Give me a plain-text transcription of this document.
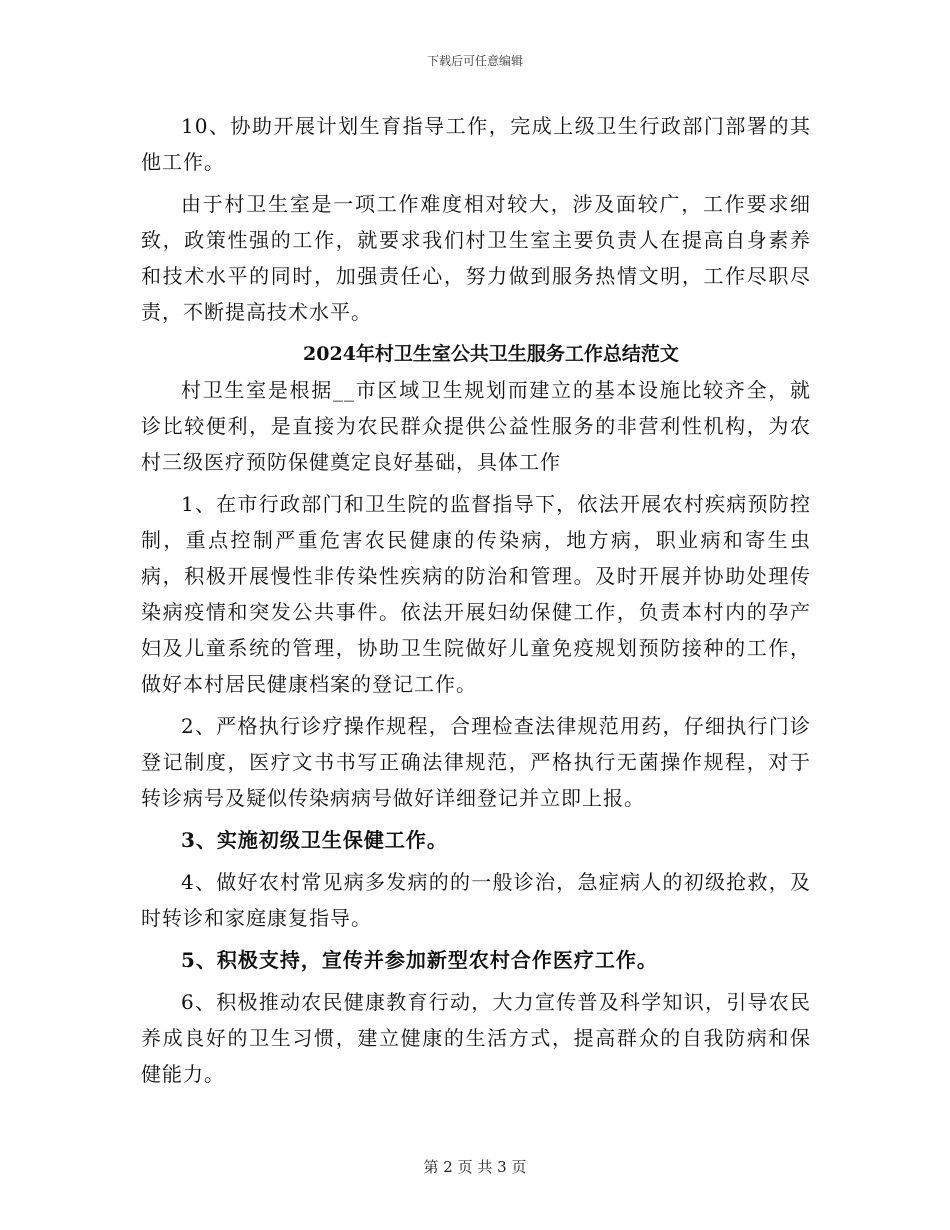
下载后可任意编辑

10、协助开展计划生育指导工作，完成上级卫生行政部门部署的其他工作。

由于村卫生室是一项工作难度相对较大，涉及面较广，工作要求细致，政策性强的工作，就要求我们村卫生室主要负责人在提高自身素养和技术水平的同时，加强责任心，努力做到服务热情文明，工作尽职尽责，不断提高技术水平。

2024年村卫生室公共卫生服务工作总结范文

村卫生室是根据__市区域卫生规划而建立的基本设施比较齐全，就诊比较便利，是直接为农民群众提供公益性服务的非营利性机构，为农村三级医疗预防保健奠定良好基础，具体工作

1、在市行政部门和卫生院的监督指导下，依法开展农村疾病预防控制，重点控制严重危害农民健康的传染病，地方病，职业病和寄生虫病，积极开展慢性非传染性疾病的防治和管理。及时开展并协助处理传染病疫情和突发公共事件。依法开展妇幼保健工作，负责本村内的孕产妇及儿童系统的管理，协助卫生院做好儿童免疫规划预防接种的工作，做好本村居民健康档案的登记工作。

2、严格执行诊疗操作规程，合理检查法律规范用药，仔细执行门诊登记制度，医疗文书书写正确法律规范，严格执行无菌操作规程，对于转诊病号及疑似传染病病号做好详细登记并立即上报。

3、实施初级卫生保健工作。

4、做好农村常见病多发病的的一般诊治，急症病人的初级抢救，及时转诊和家庭康复指导。

5、积极支持，宣传并参加新型农村合作医疗工作。

6、积极推动农民健康教育行动，大力宣传普及科学知识，引导农民养成良好的卫生习惯，建立健康的生活方式，提高群众的自我防病和保健能力。

第 2 页 共 3 页
